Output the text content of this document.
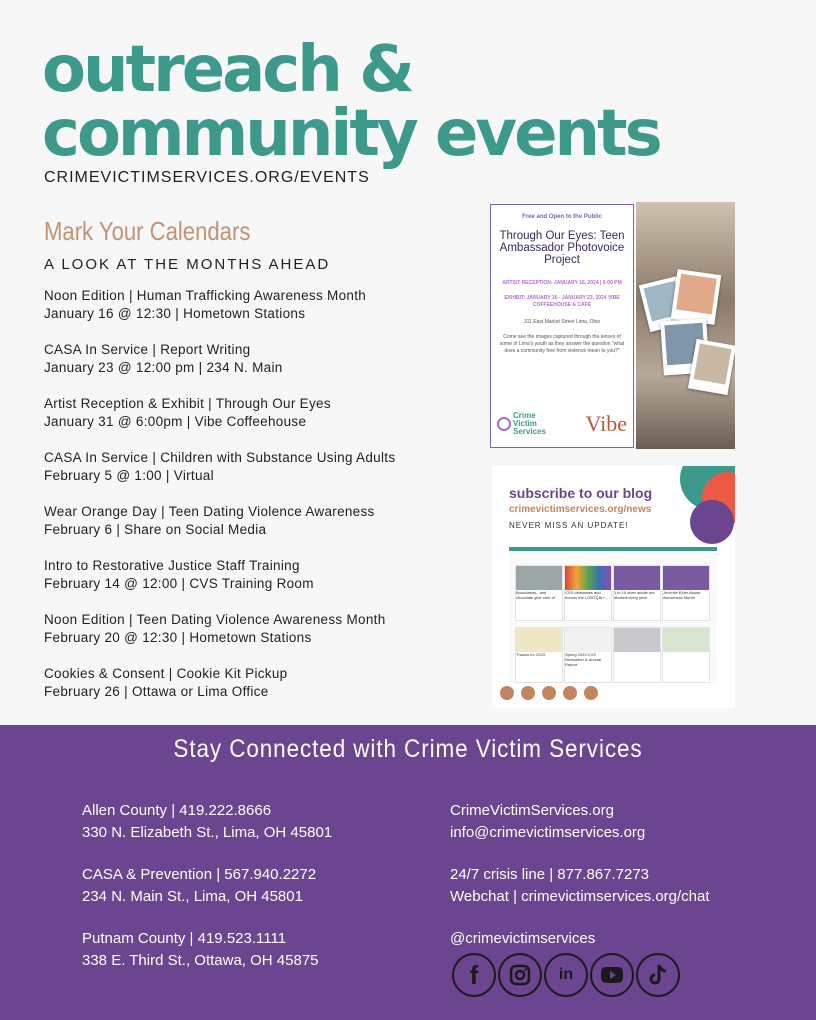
outreach &
community events
CRIMEVICTIMSERVICES.ORG/EVENTS
Mark Your Calendars
A LOOK AT THE MONTHS AHEAD
Noon Edition | Human Trafficking Awareness Month
January 16 @ 12:30 | Hometown Stations
CASA In Service | Report Writing
January 23 @ 12:00 pm | 234 N. Main
Artist Reception & Exhibit | Through Our Eyes
January 31 @ 6:00pm | Vibe Coffeehouse
CASA In Service | Children with Substance Using Adults
February 5 @ 1:00 | Virtual
Wear Orange Day | Teen Dating Violence Awareness
February 6 | Share on Social Media
Intro to Restorative Justice Staff Training
February 14 @ 12:00 | CVS Training Room
Noon Edition | Teen Dating Violence Awareness Month
February 20 @ 12:30 | Hometown Stations
Cookies & Consent | Cookie Kit Pickup
February 26 | Ottawa or Lima Office
Free and Open to the Public
Through Our Eyes: Teen Ambassador Photovoice Project
ARTIST RECEPTION: JANUARY 16, 2024 | 6:00 PM
EXHIBIT: JANUARY 16 - JANUARY 23, 2024 VIBE COFFEEHOUSE & CAFE
311 East Market Street Lima, Ohio
Come see the images captured through the lenses of some of Lima's youth as they answer the question "what does a community free from violence mean to you?"
Crime Victim Services	Vibe
subscribe to our blog
crimevictimservices.org/news
NEVER MISS AN UPDATE!
Boundaries...and chocolate give card of
CVS celebrates and honors the LGBTQIA+...
1 in 10 older adults are abused every year
Juvenile Elder Abuse Awareness Month
Thanks for 2023	Spring 2023 CVS Newsletter & Annual Report
Stay Connected with Crime Victim Services
Allen County | 419.222.8666
330 N. Elizabeth St., Lima, OH 45801
CASA & Prevention | 567.940.2272
234 N. Main St., Lima, OH 45801
Putnam County | 419.523.1111
338 E. Third St., Ottawa, OH 45875
CrimeVictimServices.org
info@crimevictimservices.org
24/7 crisis line | 877.867.7273
Webchat | crimevictimservices.org/chat
@crimevictimservices
f	in
